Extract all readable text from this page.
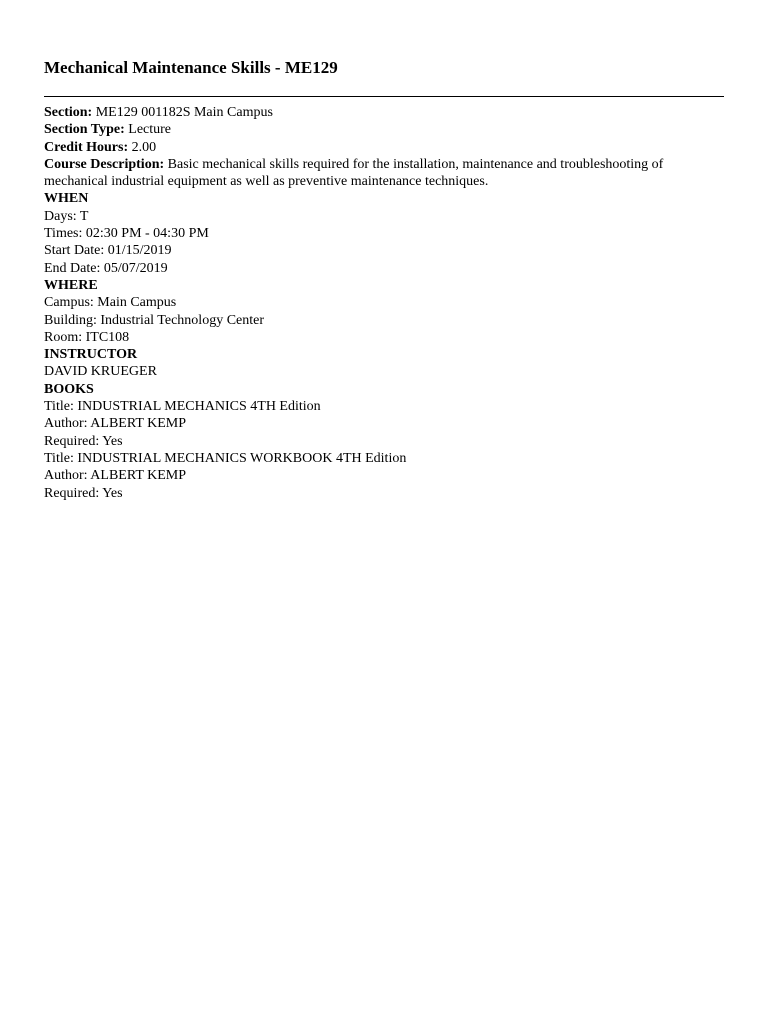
Mechanical Maintenance Skills - ME129
Section: ME129 001182S Main Campus
Section Type: Lecture
Credit Hours: 2.00
Course Description: Basic mechanical skills required for the installation, maintenance and troubleshooting of mechanical industrial equipment as well as preventive maintenance techniques.
WHEN
Days: T
Times: 02:30 PM - 04:30 PM
Start Date: 01/15/2019
End Date: 05/07/2019
WHERE
Campus: Main Campus
Building: Industrial Technology Center
Room: ITC108
INSTRUCTOR
DAVID KRUEGER
BOOKS
Title: INDUSTRIAL MECHANICS 4TH Edition
Author: ALBERT KEMP
Required: Yes
Title: INDUSTRIAL MECHANICS WORKBOOK 4TH Edition
Author: ALBERT KEMP
Required: Yes
